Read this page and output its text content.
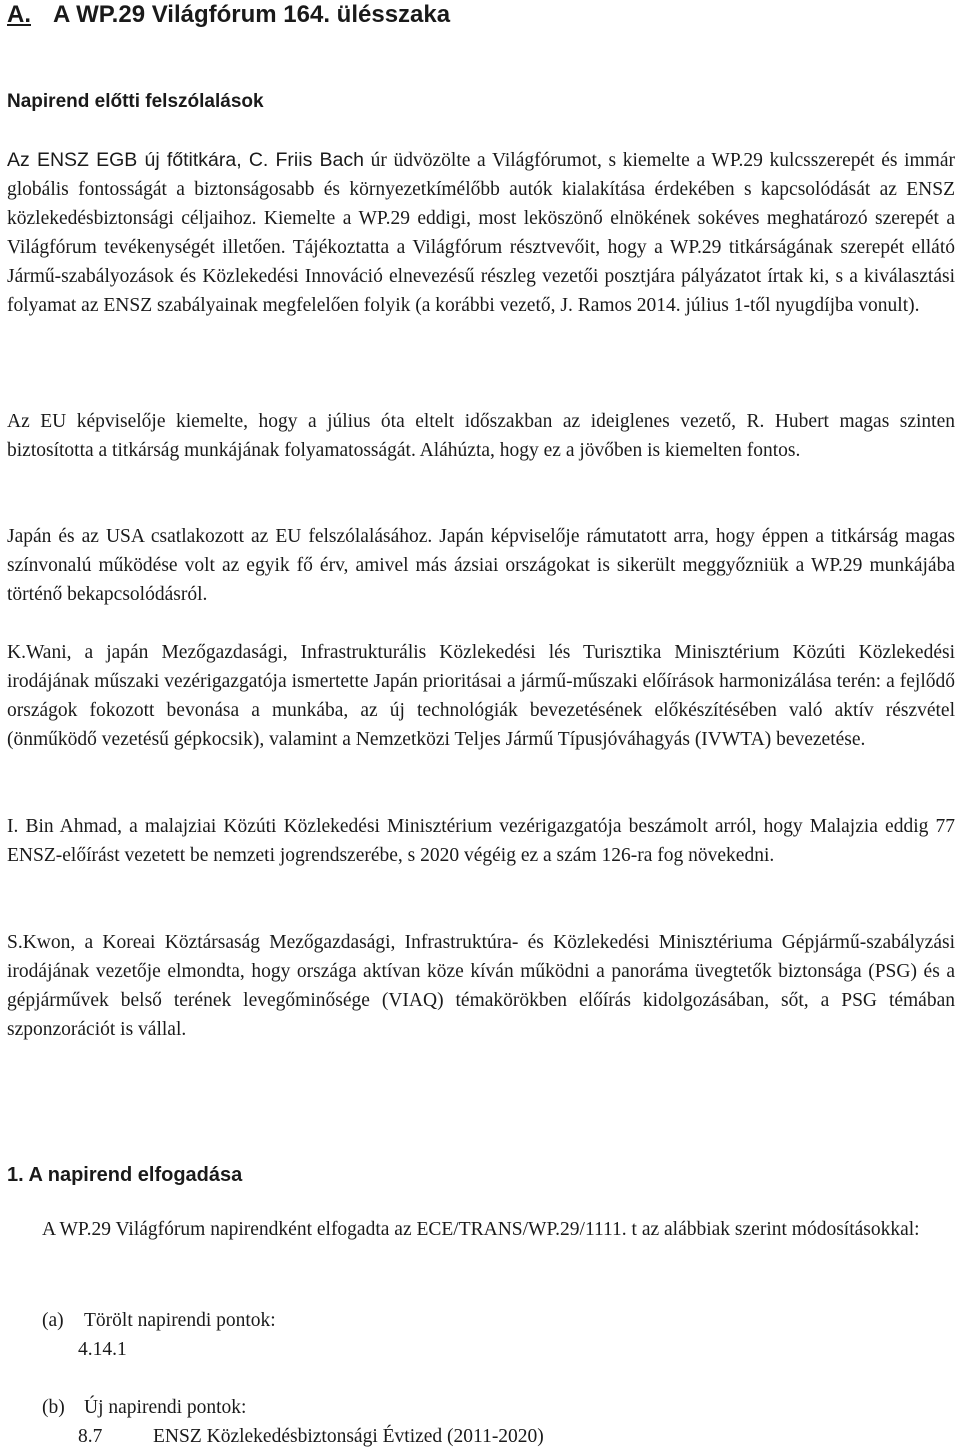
A. A WP.29 Világfórum 164. ülésszaka
Napirend előtti felszólalások

Az ENSZ EGB új főtitkára, C. Friis Bach úr üdvözölte a Világfórumot, s kiemelte a WP.29 kulcsszerepét és immár globális fontosságát a biztonságosabb és környezetkímélőbb autók kialakítása érdekében s kapcsolódását az ENSZ közlekedésbiztonsági céljaihoz. Kiemelte a WP.29 eddigi, most leköszönő elnökének sokéves meghatározó szerepét a Világfórum tevékenységét illetően. Tájékoztatta a Világfórum résztvevőit, hogy a WP.29 titkárságának szerepét ellátó Jármű-szabályozások és Közlekedési Innováció elnevezésű részleg vezetői posztjára pályázatot írtak ki, s a kiválasztási folyamat az ENSZ szabályainak megfelelően folyik (a korábbi vezető, J. Ramos 2014. július 1-től nyugdíjba vonult).

Az EU képviselője kiemelte, hogy a július óta eltelt időszakban az ideiglenes vezető, R. Hubert magas szinten biztosította a titkárság munkájának folyamatosságát. Aláhúzta, hogy ez a jövőben is kiemelten fontos.

Japán és az USA csatlakozott az EU felszólalásához. Japán képviselője rámutatott arra, hogy éppen a titkárság magas színvonalú működése volt az egyik fő érv, amivel más ázsiai országokat is sikerült meggyőzniük a WP.29 munkájába történő bekapcsolódásról.

K.Wani, a japán Mezőgazdasági, Infrastrukturális Közlekedési lés Turisztika Minisztérium Közúti Közlekedési irodájának műszaki vezérigazgatója ismertette Japán prioritásai a jármű-műszaki előírások harmonizálása terén: a fejlődő országok fokozott bevonása a munkába, az új technológiák bevezetésének előkészítésében való aktív részvétel (önműködő vezetésű gépkocsik), valamint a Nemzetközi Teljes Jármű Típusjóváhagyás (IVWTA) bevezetése.

I. Bin Ahmad, a malajziai Közúti Közlekedési Minisztérium vezérigazgatója beszámolt arról, hogy Malajzia eddig 77 ENSZ-előírást vezetett be nemzeti jogrendszerébe, s 2020 végéig ez a szám 126-ra fog növekedni.

S.Kwon, a Koreai Köztársaság Mezőgazdasági, Infrastruktúra- és Közlekedési Minisztériuma Gépjármű-szabályzási irodájának vezetője elmondta, hogy országa aktívan köze kíván működni a panoráma üvegtetők biztonsága (PSG) és a gépjárművek belső terének levegőminősége (VIAQ) témakörökben előírás kidolgozásában, sőt, a PSG témában szponzorációt is vállal.

1. A napirend elfogadása

A WP.29 Világfórum napirendként elfogadta az ECE/TRANS/WP.29/1111. t az alábbiak szerint módosításokkal:

(a) Törölt napirendi pontok:
4.14.1
(b) Új napirendi pontok:
8.7	ENSZ Közlekedésbiztonsági Évtized (2011-2020)
